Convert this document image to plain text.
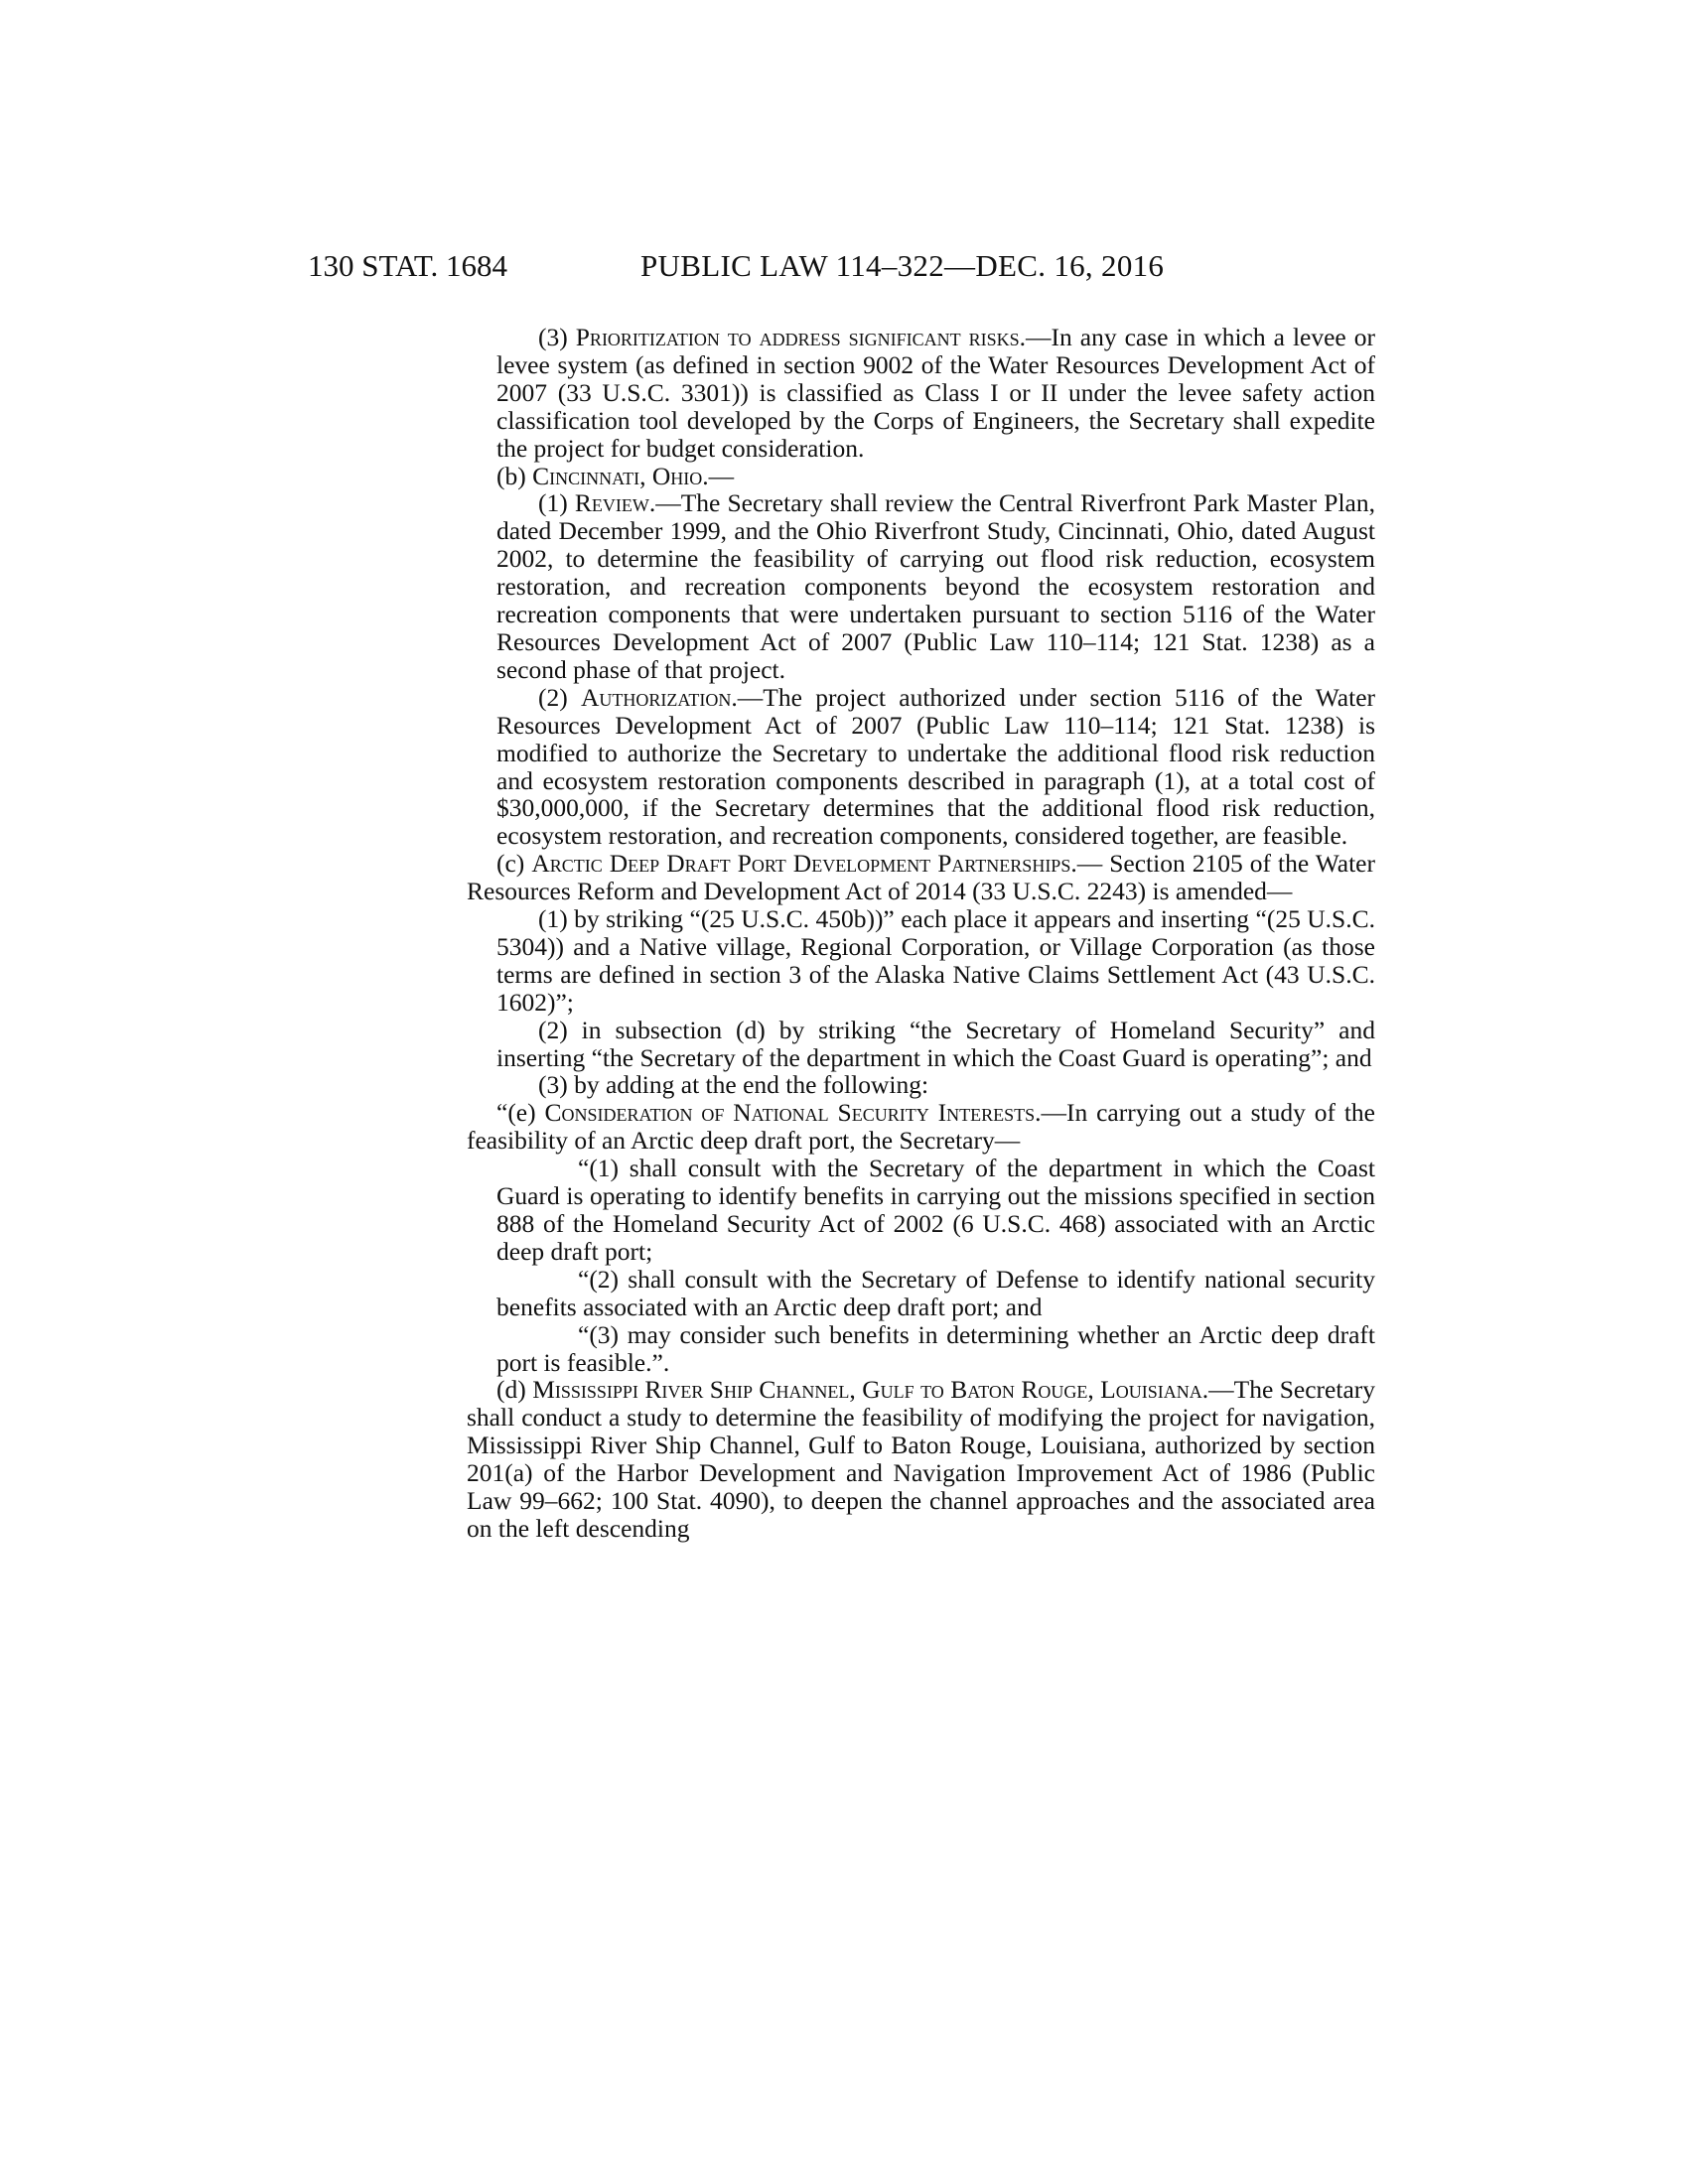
130 STAT. 1684	PUBLIC LAW 114–322—DEC. 16, 2016

(3) Prioritization to address significant risks.—In any case in which a levee or levee system (as defined in section 9002 of the Water Resources Development Act of 2007 (33 U.S.C. 3301)) is classified as Class I or II under the levee safety action classification tool developed by the Corps of Engineers, the Secretary shall expedite the project for budget consideration.

(b) Cincinnati, Ohio.—

(1) Review.—The Secretary shall review the Central Riverfront Park Master Plan, dated December 1999, and the Ohio Riverfront Study, Cincinnati, Ohio, dated August 2002, to determine the feasibility of carrying out flood risk reduction, ecosystem restoration, and recreation components beyond the ecosystem restoration and recreation components that were undertaken pursuant to section 5116 of the Water Resources Development Act of 2007 (Public Law 110–114; 121 Stat. 1238) as a second phase of that project.

(2) Authorization.—The project authorized under section 5116 of the Water Resources Development Act of 2007 (Public Law 110–114; 121 Stat. 1238) is modified to authorize the Secretary to undertake the additional flood risk reduction and ecosystem restoration components described in paragraph (1), at a total cost of $30,000,000, if the Secretary determines that the additional flood risk reduction, ecosystem restoration, and recreation components, considered together, are feasible.

(c) Arctic Deep Draft Port Development Partnerships.— Section 2105 of the Water Resources Reform and Development Act of 2014 (33 U.S.C. 2243) is amended—

(1) by striking “(25 U.S.C. 450b))” each place it appears and inserting “(25 U.S.C. 5304)) and a Native village, Regional Corporation, or Village Corporation (as those terms are defined in section 3 of the Alaska Native Claims Settlement Act (43 U.S.C. 1602)”;

(2) in subsection (d) by striking “the Secretary of Homeland Security” and inserting “the Secretary of the department in which the Coast Guard is operating”; and

(3) by adding at the end the following:

“(e) Consideration of National Security Interests.—In carrying out a study of the feasibility of an Arctic deep draft port, the Secretary—

“(1) shall consult with the Secretary of the department in which the Coast Guard is operating to identify benefits in carrying out the missions specified in section 888 of the Homeland Security Act of 2002 (6 U.S.C. 468) associated with an Arctic deep draft port;

“(2) shall consult with the Secretary of Defense to identify national security benefits associated with an Arctic deep draft port; and

“(3) may consider such benefits in determining whether an Arctic deep draft port is feasible.”.

(d) Mississippi River Ship Channel, Gulf to Baton Rouge, Louisiana.—The Secretary shall conduct a study to determine the feasibility of modifying the project for navigation, Mississippi River Ship Channel, Gulf to Baton Rouge, Louisiana, authorized by section 201(a) of the Harbor Development and Navigation Improvement Act of 1986 (Public Law 99–662; 100 Stat. 4090), to deepen the channel approaches and the associated area on the left descending
